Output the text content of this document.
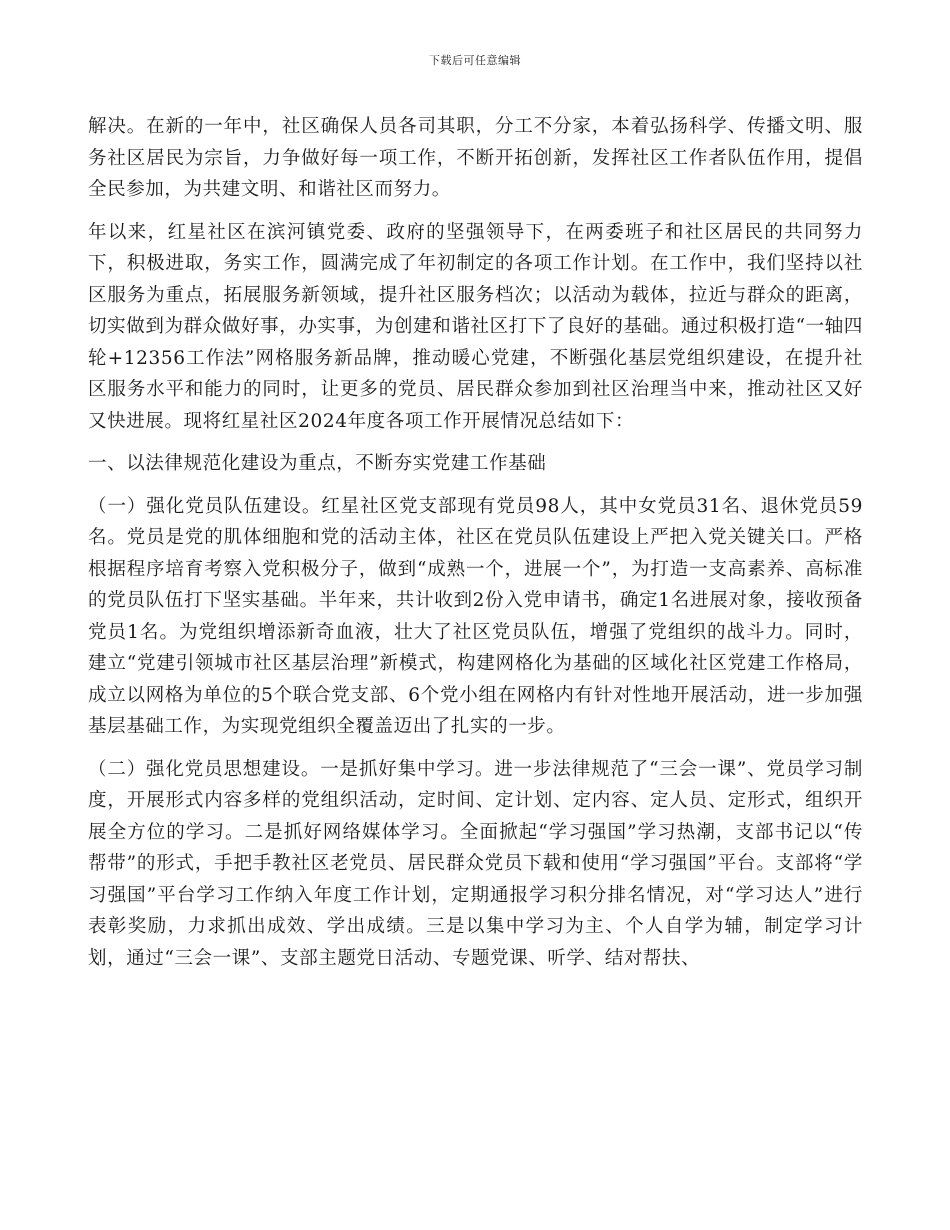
下载后可任意编辑

解决。在新的一年中，社区确保人员各司其职，分工不分家，本着弘扬科学、传播文明、服务社区居民为宗旨，力争做好每一项工作，不断开拓创新，发挥社区工作者队伍作用，提倡全民参加，为共建文明、和谐社区而努力。

年以来，红星社区在滨河镇党委、政府的坚强领导下，在两委班子和社区居民的共同努力下，积极进取，务实工作，圆满完成了年初制定的各项工作计划。在工作中，我们坚持以社区服务为重点，拓展服务新领域，提升社区服务档次；以活动为载体，拉近与群众的距离，切实做到为群众做好事，办实事，为创建和谐社区打下了良好的基础。通过积极打造“一轴四轮+12356工作法”网格服务新品牌，推动暖心党建，不断强化基层党组织建设，在提升社区服务水平和能力的同时，让更多的党员、居民群众参加到社区治理当中来，推动社区又好又快进展。现将红星社区2024年度各项工作开展情况总结如下：

一、以法律规范化建设为重点，不断夯实党建工作基础

（一）强化党员队伍建设。红星社区党支部现有党员98人，其中女党员31名、退休党员59名。党员是党的肌体细胞和党的活动主体，社区在党员队伍建设上严把入党关键关口。严格根据程序培育考察入党积极分子，做到“成熟一个，进展一个”，为打造一支高素养、高标准的党员队伍打下坚实基础。半年来，共计收到2份入党申请书，确定1名进展对象，接收预备党员1名。为党组织增添新奇血液，壮大了社区党员队伍，增强了党组织的战斗力。同时，建立“党建引领城市社区基层治理”新模式，构建网格化为基础的区域化社区党建工作格局，成立以网格为单位的5个联合党支部、6个党小组在网格内有针对性地开展活动，进一步加强基层基础工作，为实现党组织全覆盖迈出了扎实的一步。

（二）强化党员思想建设。一是抓好集中学习。进一步法律规范了“三会一课”、党员学习制度，开展形式内容多样的党组织活动，定时间、定计划、定内容、定人员、定形式，组织开展全方位的学习。二是抓好网络媒体学习。全面掀起“学习强国”学习热潮，支部书记以“传帮带”的形式，手把手教社区老党员、居民群众党员下载和使用“学习强国”平台。支部将“学习强国”平台学习工作纳入年度工作计划，定期通报学习积分排名情况，对“学习达人”进行表彰奖励，力求抓出成效、学出成绩。三是以集中学习为主、个人自学为辅，制定学习计划，通过“三会一课”、支部主题党日活动、专题党课、听学、结对帮扶、
